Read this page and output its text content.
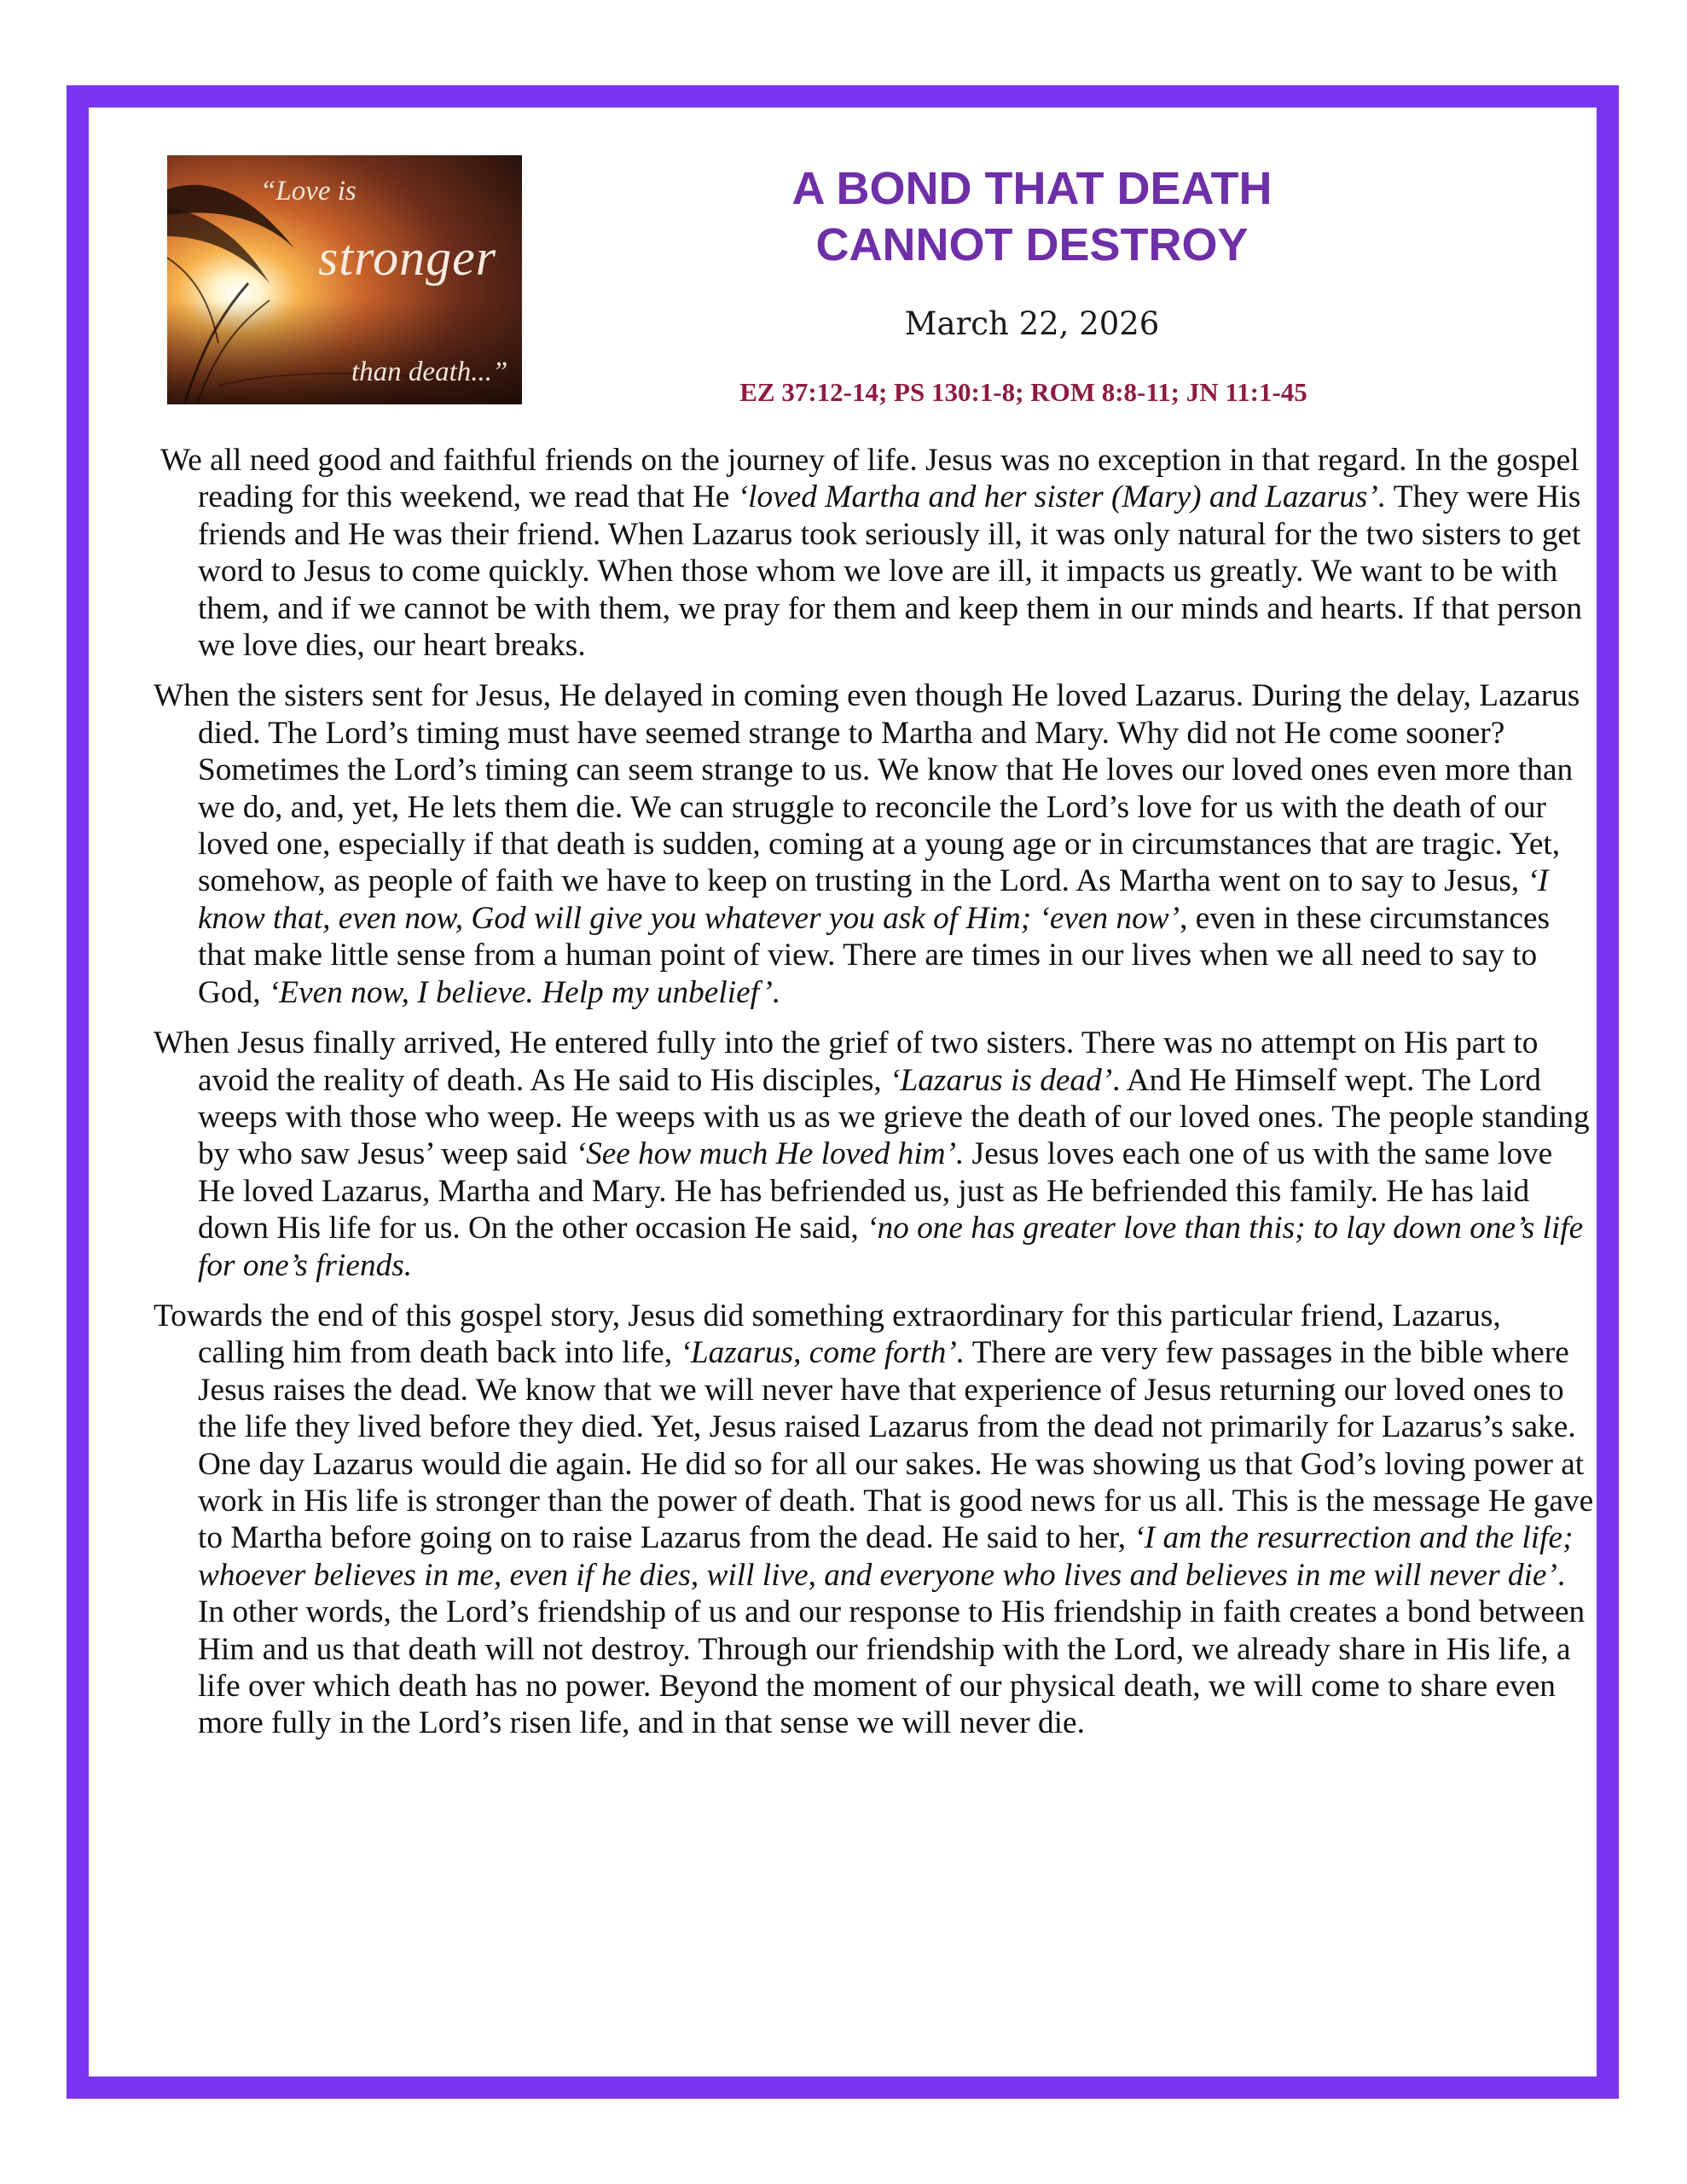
“Love is
stronger
than death...”
A BOND THAT DEATH
CANNOT DESTROY
March 22, 2026
EZ 37:12-14; PS 130:1-8; ROM 8:8-11; JN 11:1-45

We all need good and faithful friends on the journey of life. Jesus was no exception in that regard. In the gospel reading for this weekend, we read that He ‘loved Martha and her sister (Mary) and Lazarus’. They were His friends and He was their friend. When Lazarus took seriously ill, it was only natural for the two sisters to get word to Jesus to come quickly. When those whom we love are ill, it impacts us greatly. We want to be with them, and if we cannot be with them, we pray for them and keep them in our minds and hearts. If that person we love dies, our heart breaks.

When the sisters sent for Jesus, He delayed in coming even though He loved Lazarus. During the delay, Lazarus died. The Lord’s timing must have seemed strange to Martha and Mary. Why did not He come sooner? Sometimes the Lord’s timing can seem strange to us. We know that He loves our loved ones even more than we do, and, yet, He lets them die. We can struggle to reconcile the Lord’s love for us with the death of our loved one, especially if that death is sudden, coming at a young age or in circumstances that are tragic. Yet, somehow, as people of faith we have to keep on trusting in the Lord. As Martha went on to say to Jesus, ‘I know that, even now, God will give you whatever you ask of Him; ‘even now’, even in these circumstances that make little sense from a human point of view. There are times in our lives when we all need to say to God, ‘Even now, I believe. Help my unbelief’.

When Jesus finally arrived, He entered fully into the grief of two sisters. There was no attempt on His part to avoid the reality of death. As He said to His disciples, ‘Lazarus is dead’. And He Himself wept. The Lord weeps with those who weep. He weeps with us as we grieve the death of our loved ones. The people standing by who saw Jesus’ weep said ‘See how much He loved him’. Jesus loves each one of us with the same love He loved Lazarus, Martha and Mary. He has befriended us, just as He befriended this family. He has laid down His life for us. On the other occasion He said, ‘no one has greater love than this; to lay down one’s life for one’s friends.

Towards the end of this gospel story, Jesus did something extraordinary for this particular friend, Lazarus, calling him from death back into life, ‘Lazarus, come forth’. There are very few passages in the bible where Jesus raises the dead. We know that we will never have that experience of Jesus returning our loved ones to the life they lived before they died. Yet, Jesus raised Lazarus from the dead not primarily for Lazarus’s sake. One day Lazarus would die again. He did so for all our sakes. He was showing us that God’s loving power at work in His life is stronger than the power of death. That is good news for us all. This is the message He gave to Martha before going on to raise Lazarus from the dead. He said to her, ‘I am the resurrection and the life; whoever believes in me, even if he dies, will live, and everyone who lives and believes in me will never die’. In other words, the Lord’s friendship of us and our response to His friendship in faith creates a bond between Him and us that death will not destroy. Through our friendship with the Lord, we already share in His life, a life over which death has no power. Beyond the moment of our physical death, we will come to share even more fully in the Lord’s risen life, and in that sense we will never die.
